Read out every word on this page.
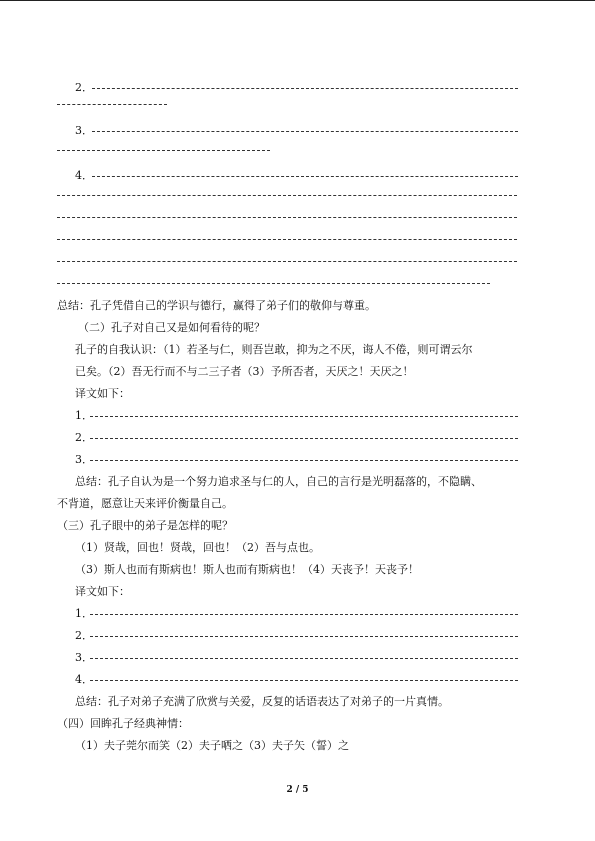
2．
3．
4．
总结：孔子凭借自己的学识与德行，赢得了弟子们的敬仰与尊重。
（二）孔子对自己又是如何看待的呢？
孔子的自我认识：（1）若圣与仁，则吾岂敢，抑为之不厌，诲人不倦，则可谓云尔
已矣。（2）吾无行而不与二三子者（3）予所否者，天厌之！天厌之！
译文如下：
1．
2．
3．
总结：孔子自认为是一个努力追求圣与仁的人，自己的言行是光明磊落的，不隐瞒、
不背道，愿意让天来评价衡量自己。
（三）孔子眼中的弟子是怎样的呢？
（1）贤哉，回也！贤哉，回也！（2）吾与点也。
（3）斯人也而有斯病也！斯人也而有斯病也！（4）天丧予！天丧予！
译文如下：
1．
2．
3．
4．
总结：孔子对弟子充满了欣赏与关爱，反复的话语表达了对弟子的一片真情。
（四）回眸孔子经典神情：
（1）夫子莞尔而笑（2）夫子哂之（3）夫子矢（誓）之
2 / 5
